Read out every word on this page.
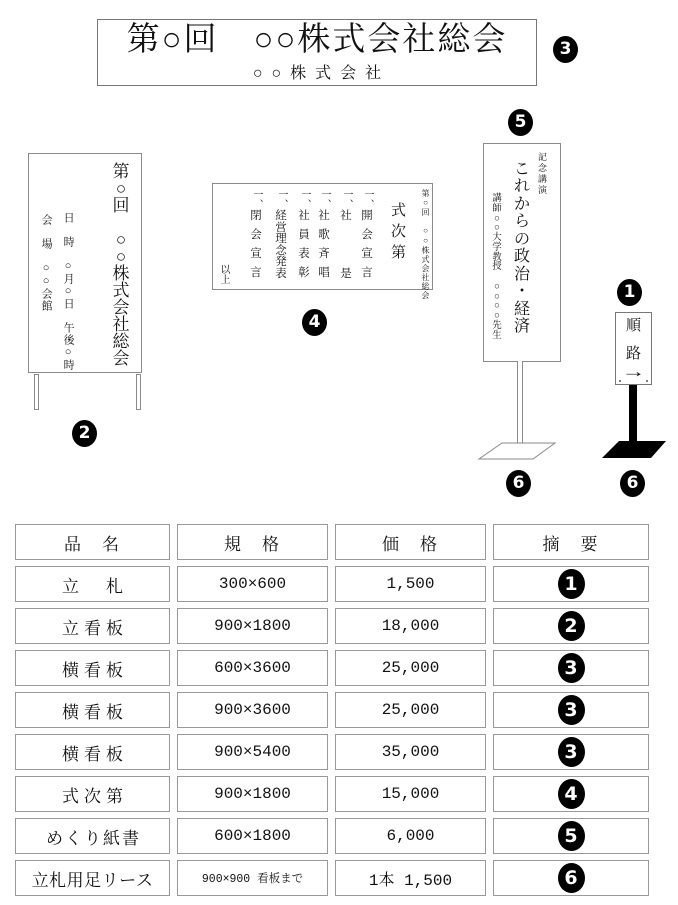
第○回　○○株式会社総会
○○株式会社
3
第
○
回

○
○
株
式
会
社
総
会
日　時　○月○日　午後○時
会　場　○○会館
2
第○回　○○株式会社総会
式
次
第
一、
開
会
宣
言
一、
社
是
一、
社
歌
斉
唱
一、
社
員
表
彰
一、
経
営
理
念
発
表
一、
閉
会
宣
言
以上
4
5
記念講演
こ
れ
か
ら
の
政
治
・
経
済
講
師
○
○
大
学
教
授

○
○
○
○
先
生
6
1
順
路
→
6
品　名	規　格	価　格	摘　要
立　札	300×600	1,500	1
立看板	900×1800	18,000	2
横看板	600×3600	25,000	3
横看板	900×3600	25,000	3
横看板	900×5400	35,000	3
式次第	900×1800	15,000	4
めくり紙書	600×1800	6,000	5
立札用足リース	900×900 看板まで	1本 1,500	6
